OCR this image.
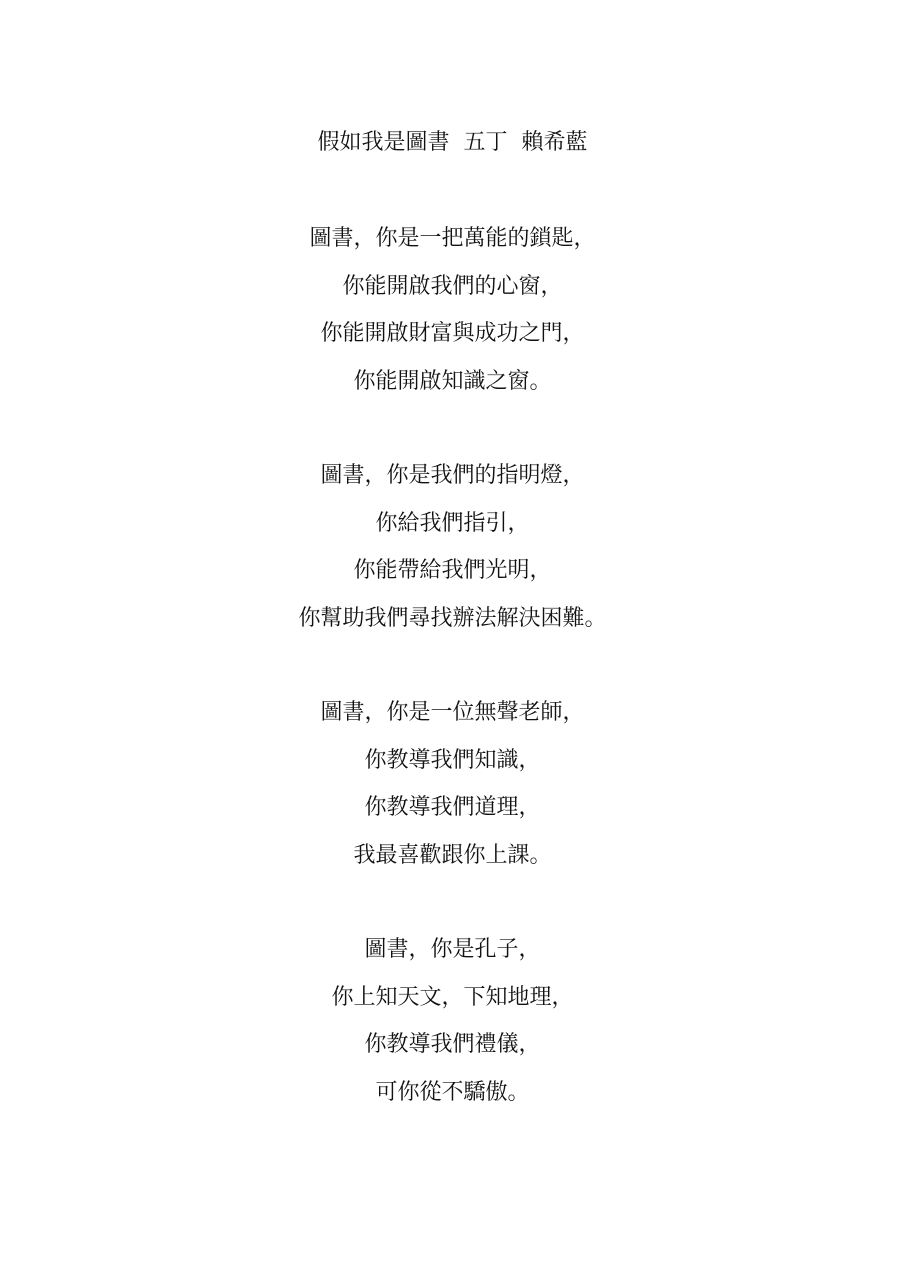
假如我是圖書  五丁  賴希藍
圖書，你是一把萬能的鎖匙，
你能開啟我們的心窗，
你能開啟財富與成功之門，
你能開啟知識之窗。
圖書，你是我們的指明燈，
你給我們指引，
你能帶給我們光明，
你幫助我們尋找辦法解決困難。
圖書，你是一位無聲老師，
你教導我們知識，
你教導我們道理，
我最喜歡跟你上課。
圖書，你是孔子，
你上知天文，下知地理，
你教導我們禮儀，
可你從不驕傲。
